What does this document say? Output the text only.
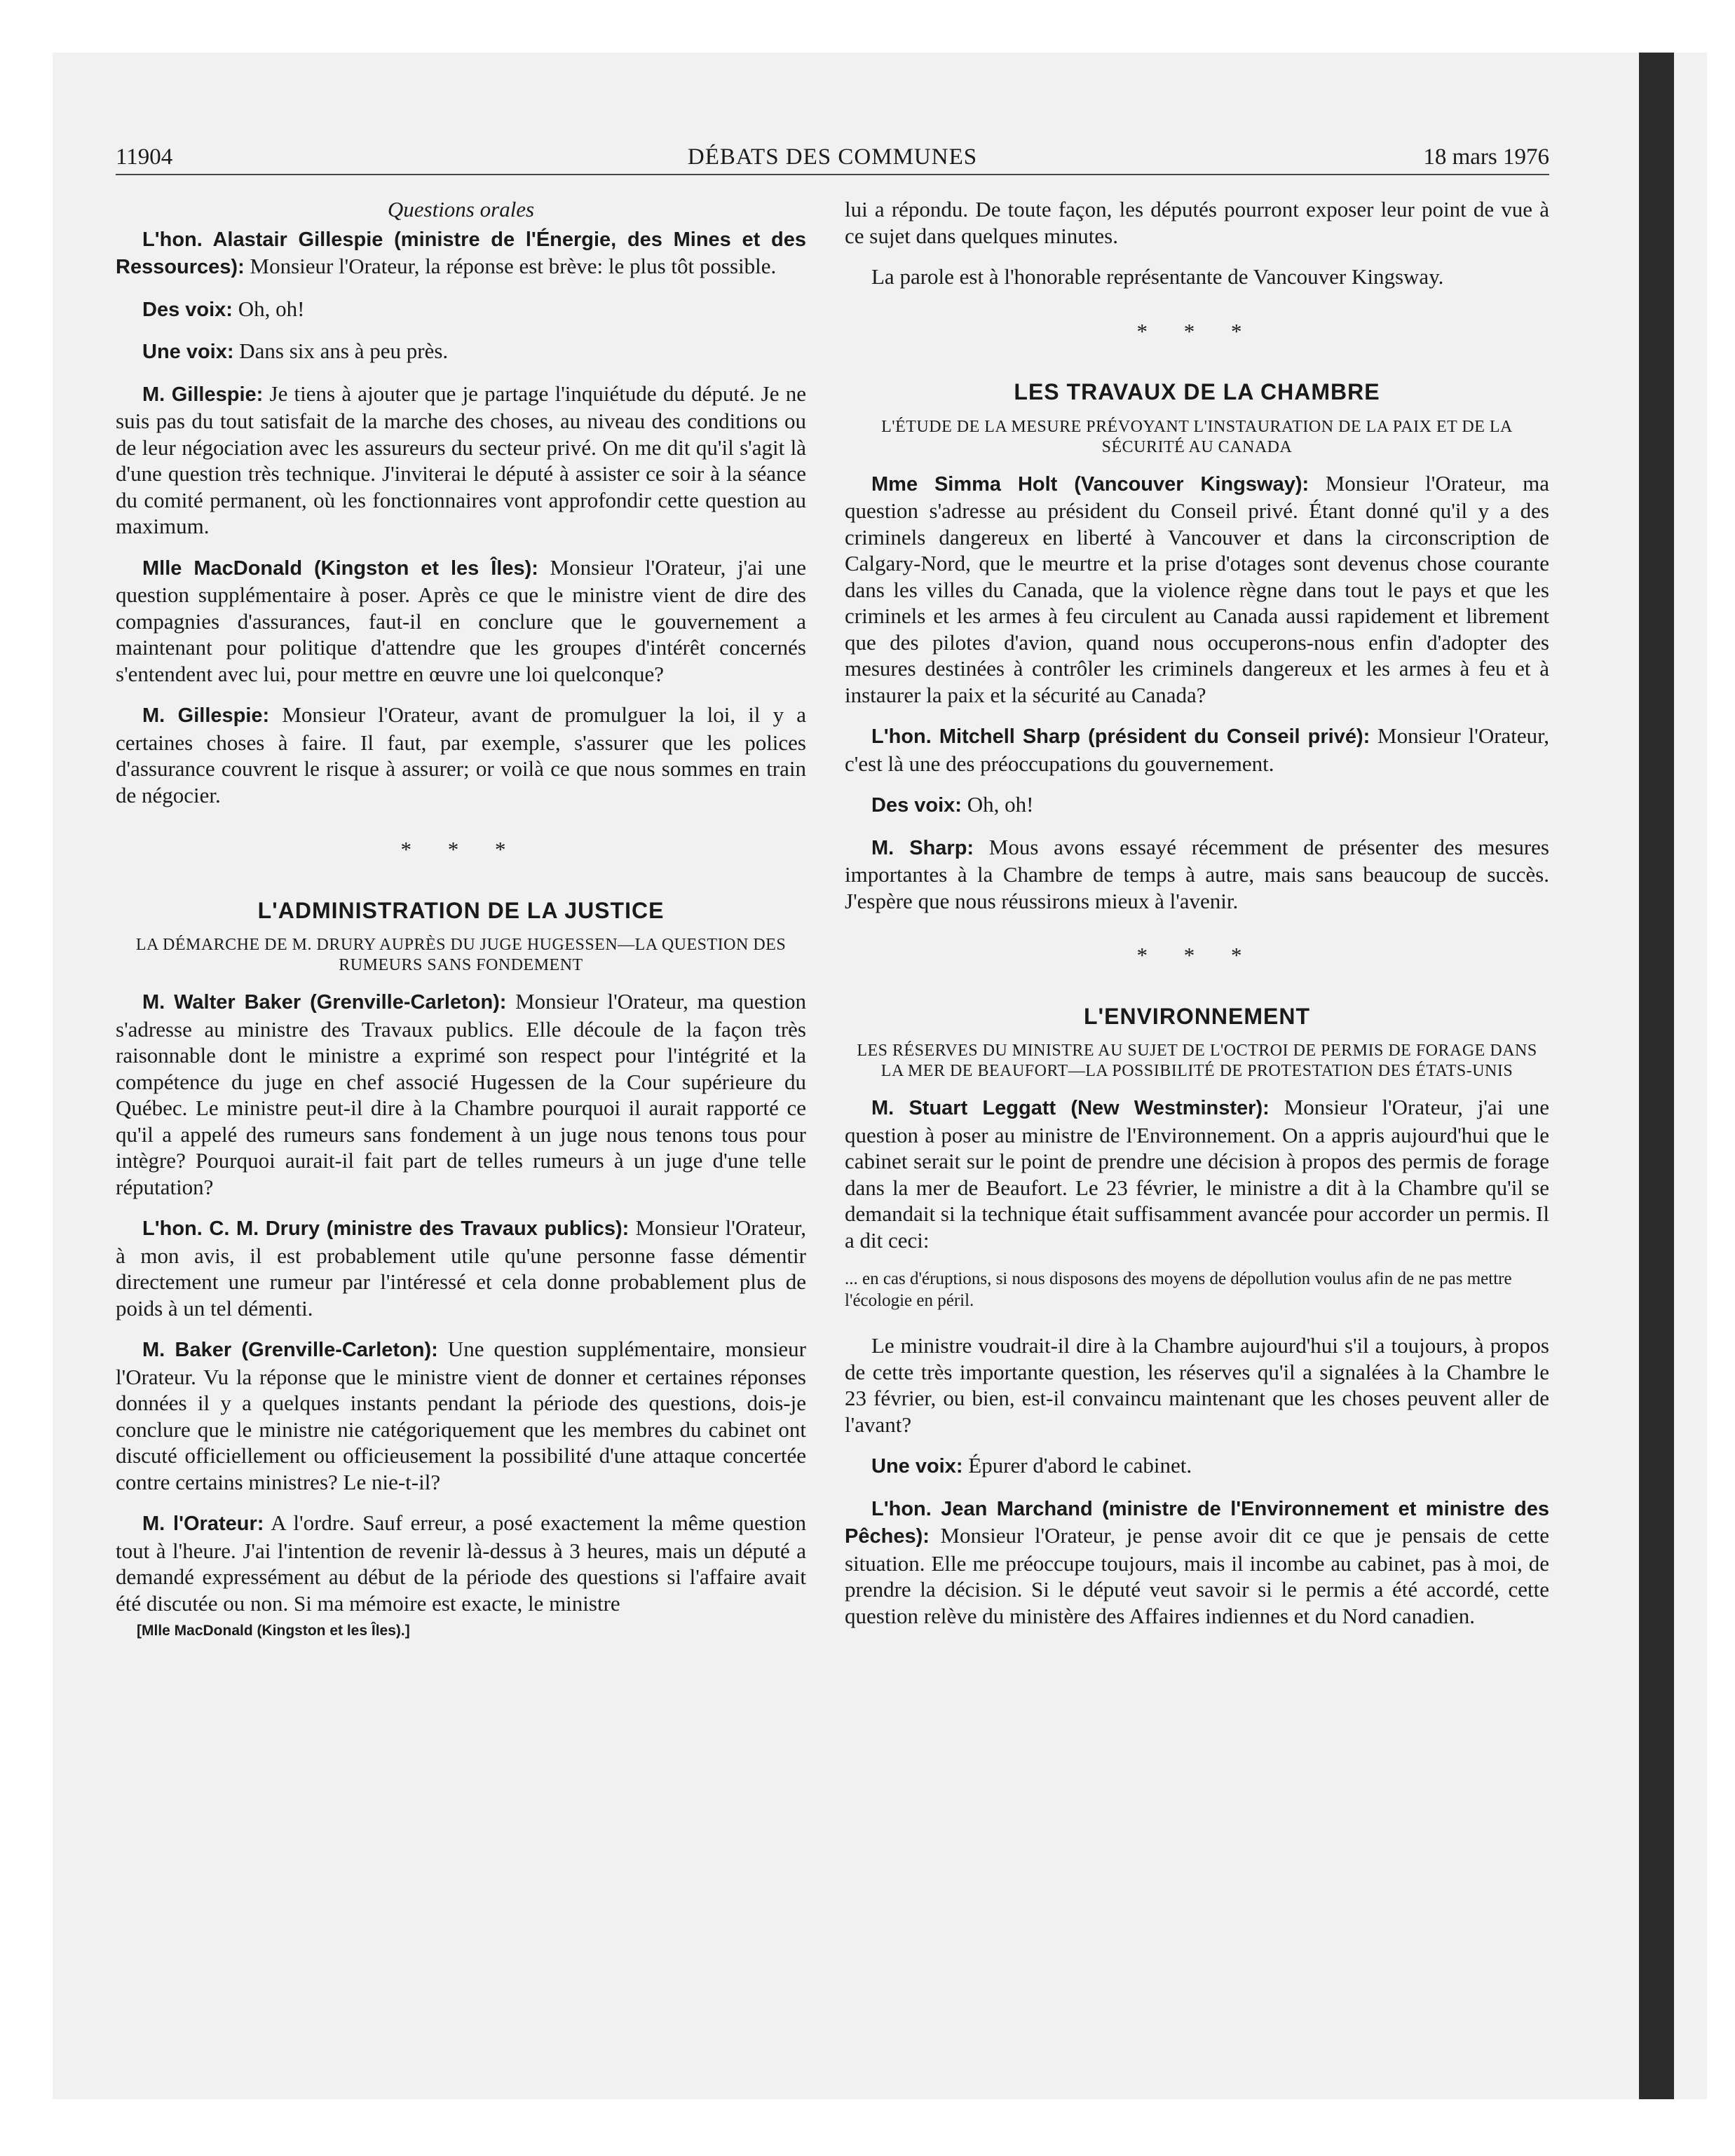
11904	DÉBATS DES COMMUNES	18 mars 1976

Questions orales

L'hon. Alastair Gillespie (ministre de l'Énergie, des Mines et des Ressources): Monsieur l'Orateur, la réponse est brève: le plus tôt possible.

Des voix: Oh, oh!

Une voix: Dans six ans à peu près.

M. Gillespie: Je tiens à ajouter que je partage l'inquiétude du député. Je ne suis pas du tout satisfait de la marche des choses, au niveau des conditions ou de leur négociation avec les assureurs du secteur privé. On me dit qu'il s'agit là d'une question très technique. J'inviterai le député à assister ce soir à la séance du comité permanent, où les fonctionnaires vont approfondir cette question au maximum.

Mlle MacDonald (Kingston et les Îles): Monsieur l'Orateur, j'ai une question supplémentaire à poser. Après ce que le ministre vient de dire des compagnies d'assurances, faut-il en conclure que le gouvernement a maintenant pour politique d'attendre que les groupes d'intérêt concernés s'entendent avec lui, pour mettre en œuvre une loi quelconque?

M. Gillespie: Monsieur l'Orateur, avant de promulguer la loi, il y a certaines choses à faire. Il faut, par exemple, s'assurer que les polices d'assurance couvrent le risque à assurer; or voilà ce que nous sommes en train de négocier.

* * *

L'ADMINISTRATION DE LA JUSTICE

LA DÉMARCHE DE M. DRURY AUPRÈS DU JUGE HUGESSEN—LA QUESTION DES RUMEURS SANS FONDEMENT

M. Walter Baker (Grenville-Carleton): Monsieur l'Orateur, ma question s'adresse au ministre des Travaux publics. Elle découle de la façon très raisonnable dont le ministre a exprimé son respect pour l'intégrité et la compétence du juge en chef associé Hugessen de la Cour supérieure du Québec. Le ministre peut-il dire à la Chambre pourquoi il aurait rapporté ce qu'il a appelé des rumeurs sans fondement à un juge nous tenons tous pour intègre? Pourquoi aurait-il fait part de telles rumeurs à un juge d'une telle réputation?

L'hon. C. M. Drury (ministre des Travaux publics): Monsieur l'Orateur, à mon avis, il est probablement utile qu'une personne fasse démentir directement une rumeur par l'intéressé et cela donne probablement plus de poids à un tel démenti.

M. Baker (Grenville-Carleton): Une question supplémentaire, monsieur l'Orateur. Vu la réponse que le ministre vient de donner et certaines réponses données il y a quelques instants pendant la période des questions, dois-je conclure que le ministre nie catégoriquement que les membres du cabinet ont discuté officiellement ou officieusement la possibilité d'une attaque concertée contre certains ministres? Le nie-t-il?

M. l'Orateur: A l'ordre. Sauf erreur, a posé exactement la même question tout à l'heure. J'ai l'intention de revenir là-dessus à 3 heures, mais un député a demandé expressément au début de la période des questions si l'affaire avait été discutée ou non. Si ma mémoire est exacte, le ministre

[Mlle MacDonald (Kingston et les Îles).]

lui a répondu. De toute façon, les députés pourront exposer leur point de vue à ce sujet dans quelques minutes.

La parole est à l'honorable représentante de Vancouver Kingsway.

* * *

LES TRAVAUX DE LA CHAMBRE

L'ÉTUDE DE LA MESURE PRÉVOYANT L'INSTAURATION DE LA PAIX ET DE LA SÉCURITÉ AU CANADA

Mme Simma Holt (Vancouver Kingsway): Monsieur l'Orateur, ma question s'adresse au président du Conseil privé. Étant donné qu'il y a des criminels dangereux en liberté à Vancouver et dans la circonscription de Calgary-Nord, que le meurtre et la prise d'otages sont devenus chose courante dans les villes du Canada, que la violence règne dans tout le pays et que les criminels et les armes à feu circulent au Canada aussi rapidement et librement que des pilotes d'avion, quand nous occuperons-nous enfin d'adopter des mesures destinées à contrôler les criminels dangereux et les armes à feu et à instaurer la paix et la sécurité au Canada?

L'hon. Mitchell Sharp (président du Conseil privé): Monsieur l'Orateur, c'est là une des préoccupations du gouvernement.

Des voix: Oh, oh!

M. Sharp: Mous avons essayé récemment de présenter des mesures importantes à la Chambre de temps à autre, mais sans beaucoup de succès. J'espère que nous réussirons mieux à l'avenir.

* * *

L'ENVIRONNEMENT

LES RÉSERVES DU MINISTRE AU SUJET DE L'OCTROI DE PERMIS DE FORAGE DANS LA MER DE BEAUFORT—LA POSSIBILITÉ DE PROTESTATION DES ÉTATS-UNIS

M. Stuart Leggatt (New Westminster): Monsieur l'Orateur, j'ai une question à poser au ministre de l'Environnement. On a appris aujourd'hui que le cabinet serait sur le point de prendre une décision à propos des permis de forage dans la mer de Beaufort. Le 23 février, le ministre a dit à la Chambre qu'il se demandait si la technique était suffisamment avancée pour accorder un permis. Il a dit ceci:

... en cas d'éruptions, si nous disposons des moyens de dépollution voulus afin de ne pas mettre l'écologie en péril.

Le ministre voudrait-il dire à la Chambre aujourd'hui s'il a toujours, à propos de cette très importante question, les réserves qu'il a signalées à la Chambre le 23 février, ou bien, est-il convaincu maintenant que les choses peuvent aller de l'avant?

Une voix: Épurer d'abord le cabinet.

L'hon. Jean Marchand (ministre de l'Environnement et ministre des Pêches): Monsieur l'Orateur, je pense avoir dit ce que je pensais de cette situation. Elle me préoccupe toujours, mais il incombe au cabinet, pas à moi, de prendre la décision. Si le député veut savoir si le permis a été accordé, cette question relève du ministère des Affaires indiennes et du Nord canadien.
